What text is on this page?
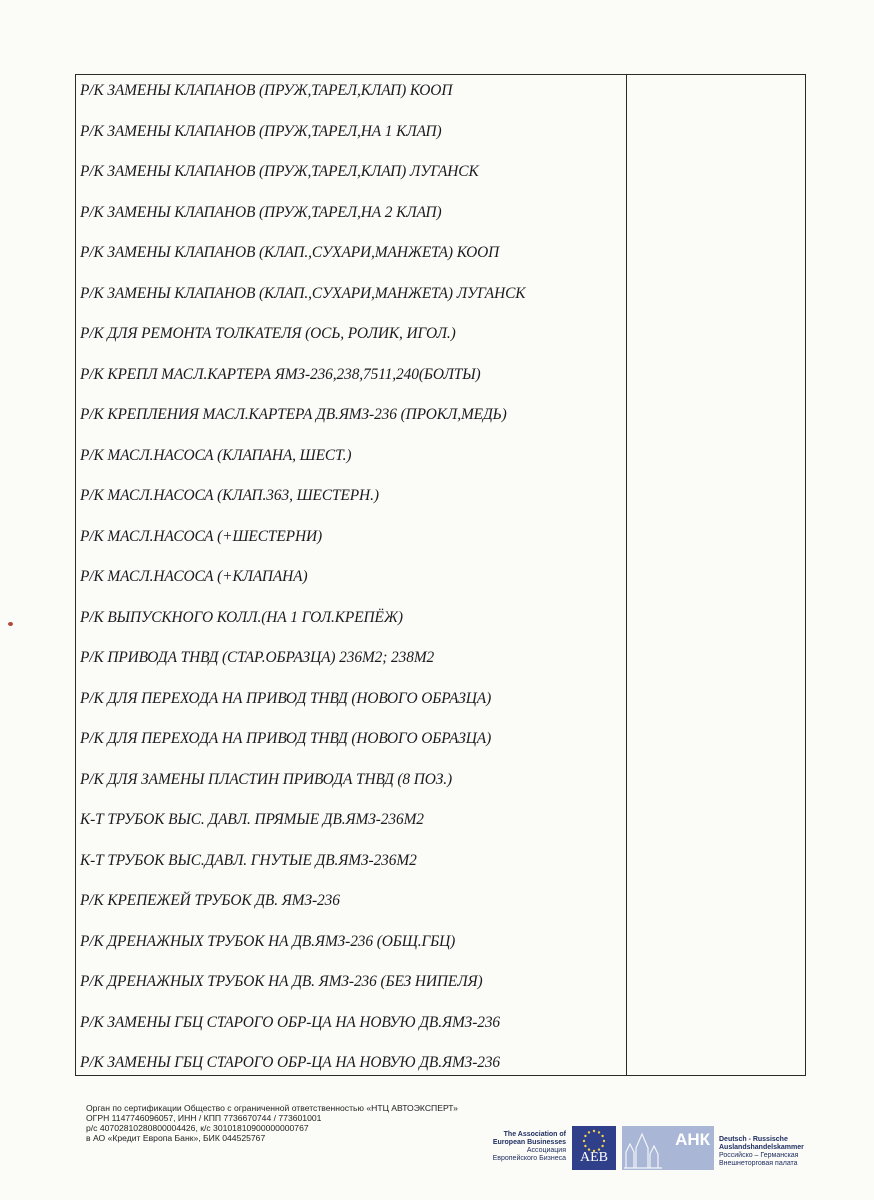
Р/К ЗАМЕНЫ КЛАПАНОВ (ПРУЖ,ТАРЕЛ,КЛАП) КООП
Р/К ЗАМЕНЫ КЛАПАНОВ (ПРУЖ,ТАРЕЛ,НА 1 КЛАП)
Р/К ЗАМЕНЫ КЛАПАНОВ (ПРУЖ,ТАРЕЛ,КЛАП) ЛУГАНСК
Р/К ЗАМЕНЫ КЛАПАНОВ (ПРУЖ,ТАРЕЛ,НА 2 КЛАП)
Р/К ЗАМЕНЫ КЛАПАНОВ (КЛАП.,СУХАРИ,МАНЖЕТА) КООП
Р/К ЗАМЕНЫ КЛАПАНОВ (КЛАП.,СУХАРИ,МАНЖЕТА) ЛУГАНСК
Р/К ДЛЯ РЕМОНТА ТОЛКАТЕЛЯ (ОСЬ, РОЛИК, ИГОЛ.)
Р/К КРЕПЛ МАСЛ.КАРТЕРА ЯМЗ-236,238,7511,240(БОЛТЫ)
Р/К КРЕПЛЕНИЯ МАСЛ.КАРТЕРА ДВ.ЯМЗ-236 (ПРОКЛ,МЕДЬ)
Р/К МАСЛ.НАСОСА (КЛАПАНА, ШЕСТ.)
Р/К МАСЛ.НАСОСА (КЛАП.363, ШЕСТЕРН.)
Р/К МАСЛ.НАСОСА (+ШЕСТЕРНИ)
Р/К МАСЛ.НАСОСА (+КЛАПАНА)
Р/К ВЫПУСКНОГО КОЛЛ.(НА 1 ГОЛ.КРЕПЁЖ)
Р/К ПРИВОДА ТНВД (СТАР.ОБРАЗЦА) 236М2; 238М2
Р/К ДЛЯ ПЕРЕХОДА НА ПРИВОД ТНВД (НОВОГО ОБРАЗЦА)
Р/К ДЛЯ ПЕРЕХОДА НА ПРИВОД ТНВД (НОВОГО ОБРАЗЦА)
Р/К ДЛЯ ЗАМЕНЫ ПЛАСТИН ПРИВОДА ТНВД (8 ПОЗ.)
К-Т ТРУБОК ВЫС. ДАВЛ. ПРЯМЫЕ ДВ.ЯМЗ-236М2
К-Т ТРУБОК ВЫС.ДАВЛ. ГНУТЫЕ ДВ.ЯМЗ-236М2
Р/К КРЕПЕЖЕЙ ТРУБОК ДВ. ЯМЗ-236
Р/К ДРЕНАЖНЫХ ТРУБОК НА ДВ.ЯМЗ-236 (ОБЩ.ГБЦ)
Р/К ДРЕНАЖНЫХ ТРУБОК НА ДВ. ЯМЗ-236 (БЕЗ НИПЕЛЯ)
Р/К ЗАМЕНЫ ГБЦ СТАРОГО ОБР-ЦА НА НОВУЮ ДВ.ЯМЗ-236
Р/К ЗАМЕНЫ ГБЦ СТАРОГО ОБР-ЦА НА НОВУЮ ДВ.ЯМЗ-236
Орган по сертификации Общество с ограниченной ответственностью «НТЦ АВТОЭКСПЕРТ»
ОГРН 1147746096057, ИНН / КПП 7736670744 / 773601001
р/с 40702810280800004426, к/с 30101810900000000767
в АО «Кредит Европа Банк», БИК 044525767	The Association of
European Businesses
Ассоциация
Европейского Бизнеса	АЕВ
АНК Deutsch - Russische
Auslandshandelskammer
Российско – Германская
Внешнеторговая палата
